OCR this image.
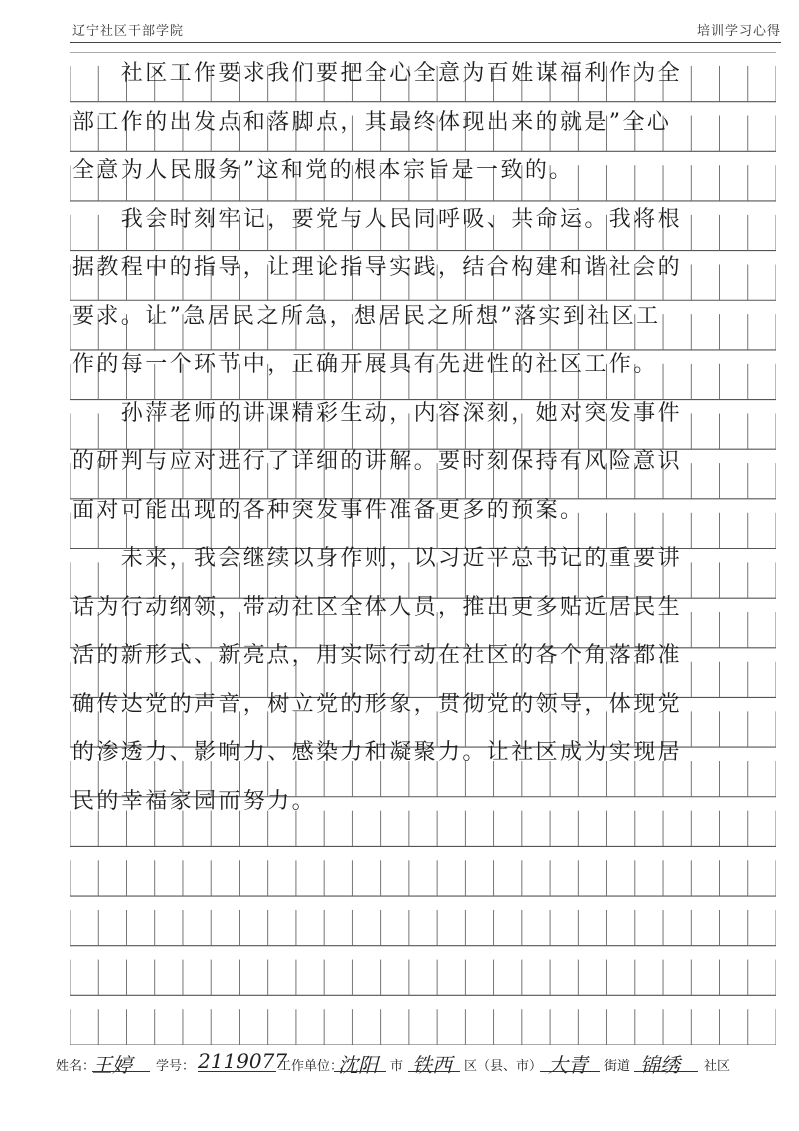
辽宁社区干部学院	培训学习心得
　　社区工作要求我们要把全心全意为百姓谋福利作为全
部工作的出发点和落脚点，其最终体现出来的就是”全心
全意为人民服务”这和党的根本宗旨是一致的。
　　我会时刻牢记，要党与人民同呼吸、共命运。我将根
据教程中的指导，让理论指导实践，结合构建和谐社会的
要求。让”急居民之所急，想居民之所想”落实到社区工
作的每一个环节中，正确开展具有先进性的社区工作。
　　孙萍老师的讲课精彩生动，内容深刻，她对突发事件
的研判与应对进行了详细的讲解。要时刻保持有风险意识
面对可能出现的各种突发事件准备更多的预案。
　　未来，我会继续以身作则，以习近平总书记的重要讲
话为行动纲领，带动社区全体人员，推出更多贴近居民生
活的新形式、新亮点，用实际行动在社区的各个角落都准
确传达党的声音，树立党的形象，贯彻党的领导，体现党
的渗透力、影响力、感染力和凝聚力。让社区成为实现居
民的幸福家园而努力。
姓名：
王婷 学号： 2119077
工作单位：
沈阳 市 铁西 区（县、市） 大青 街道 锦绣 社区
